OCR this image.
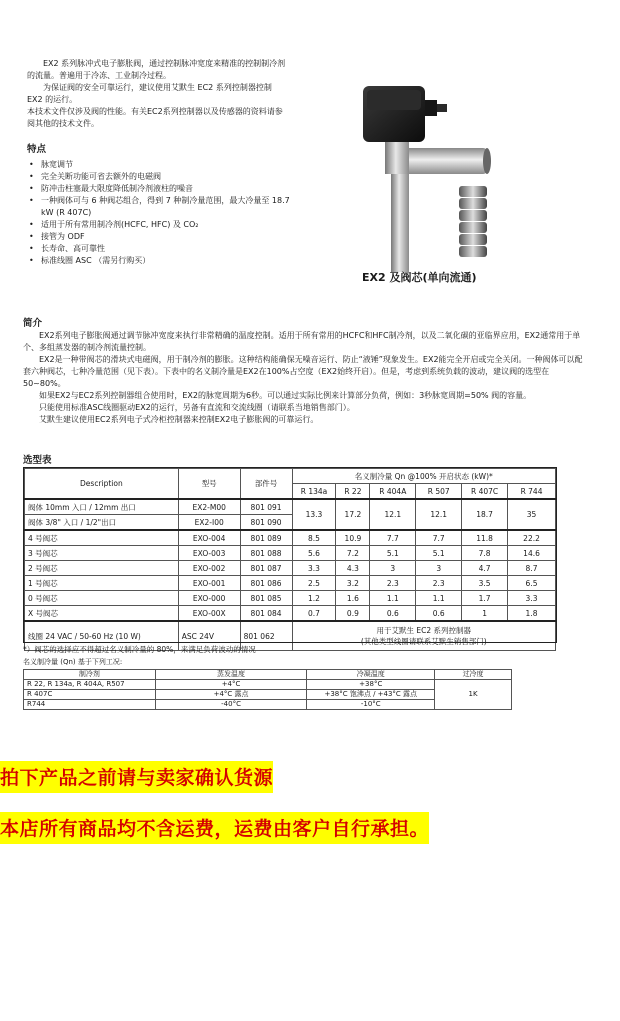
EX2 系列脉冲式电子膨胀阀，通过控制脉冲宽度来精准的控制制冷剂的流量。普遍用于冷冻、工业制冷过程。

为保证阀的安全可靠运行，建议使用艾默生 EC2 系列控制器控制 EX2 的运行。

本技术文件仅涉及阀的性能。有关EC2系列控制器以及传感器的资料请参阅其他的技术文件。

特点
• 脉宽调节
• 完全关断功能可省去额外的电磁阀
• 防冲击柱塞最大限度降低制冷剂液柱的噪音
• 一种阀体可与 6 种阀芯组合，得到 7 种制冷量范围，最大冷量至 18.7 kW (R 407C)
• 适用于所有常用制冷剂(HCFC, HFC) 及 CO₂
• 接管为 ODF
• 长寿命、高可靠性
• 标准线圈 ASC （需另行购买）
EX2 及阀芯(单向流通)
简介

EX2系列电子膨胀阀通过调节脉冲宽度来执行非常精确的温度控制。适用于所有常用的HCFC和HFC制冷剂，以及二氧化碳的亚临界应用，EX2通常用于单个、多组蒸发器的制冷剂流量控制。

EX2是一种带阀芯的滑块式电磁阀，用于制冷剂的膨胀。这种结构能确保无噪音运行、防止“液锤”现象发生。EX2能完全开启或完全关闭。一种阀体可以配套六种阀芯，七种冷量范围（见下表）。下表中的名义制冷量是EX2在100%占空度（EX2始终开启）。但是，考虑到系统负载的波动，建议阀的选型在50~80%。

如果EX2与EC2系列控制器组合使用时，EX2的脉宽周期为6秒。可以通过实际比例来计算部分负荷，例如：3秒脉宽周期=50% 阀的容量。

只能使用标准ASC线圈驱动EX2的运行，另备有直流和交流线圈（请联系当地销售部门）。

艾默生建议使用EC2系列电子式冷柜控制器来控制EX2电子膨胀阀的可靠运行。

选型表
Description	型号	部件号	名义制冷量 Qn @100% 开启状态 (kW)*					
			R 134a	R 22	R 404A	R 507	R 407C	R 744
阀体 10mm 入口 / 12mm 出口	EX2-M00	801 091	13.3	17.2	12.1	12.1	18.7	35
阀体 3/8" 入口 / 1/2"出口	EX2-I00	801 090						
4 号阀芯	EXO-004	801 089	8.5	10.9	7.7	7.7	11.8	22.2
3 号阀芯	EXO-003	801 088	5.6	7.2	5.1	5.1	7.8	14.6
2 号阀芯	EXO-002	801 087	3.3	4.3	3	3	4.7	8.7
1 号阀芯	EXO-001	801 086	2.5	3.2	2.3	2.3	3.5	6.5
0 号阀芯	EXO-000	801 085	1.2	1.6	1.1	1.1	1.7	3.3
X 号阀芯	EXO-00X	801 084	0.7	0.9	0.6	0.6	1	1.8
线圈 24 VAC / 50-60 Hz (10 W)	ASC 24V	801 062	用于艾默生 EC2 系列控制器
(其他类型线圈请联系艾默生销售部门)					
*）阀芯的选择应不得超过名义制冷量的 80%，来满足负荷波动的情况
名义制冷量 (Qn) 基于下列工况:
制冷剂	蒸发温度	冷凝温度	过冷度
R 22, R 134a, R 404A, R507	+4°C	+38°C	1K
R 407C	+4°C 露点	+38°C 饱沸点 / +43°C 露点	
R744	-40°C	-10°C	
拍下产品之前请与卖家确认货源
本店所有商品均不含运费，运费由客户自行承担。
